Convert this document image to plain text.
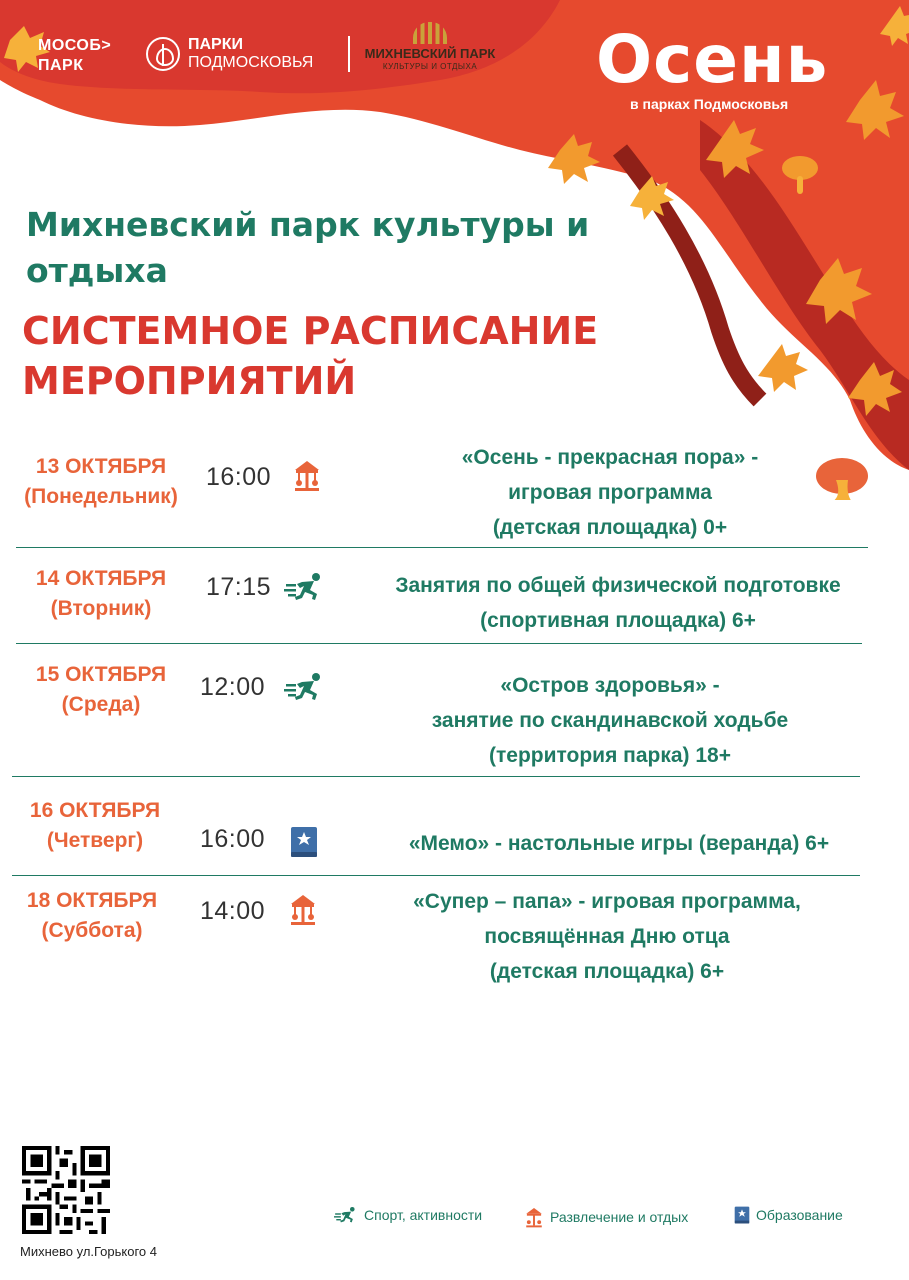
МОСОБ>
ПАРК
ПАРКИ
ПОДМОСКОВЬЯ
МИХНЕВСКИЙ ПАРК
КУЛЬТУРЫ И ОТДЫХА	Осень
в парках Подмосковья
Михневский парк культуры и отдыха
СИСТЕМНОЕ РАСПИСАНИЕ МЕРОПРИЯТИЙ
13 ОКТЯБРЯ
(Понедельник)
16:00
«Осень - прекрасная пора» -
игровая программа
(детская площадка) 0+
14 ОКТЯБРЯ
(Вторник)
17:15	Занятия по общей физической подготовке
(спортивная площадка) 6+
15 ОКТЯБРЯ
(Среда)
12:00	«Остров здоровья» -
занятие по скандинавской ходьбе
(территория парка) 18+
16 ОКТЯБРЯ
(Четверг)	16:00	«Мемо» - настольные игры (веранда) 6+
18 ОКТЯБРЯ
(Суббота)
14:00	«Супер – папа» - игровая программа,
посвящённая Дню отца
(детская площадка) 6+
Михнево ул.Горького 4
Спорт, активности	Развлечение и отдых	Образование
